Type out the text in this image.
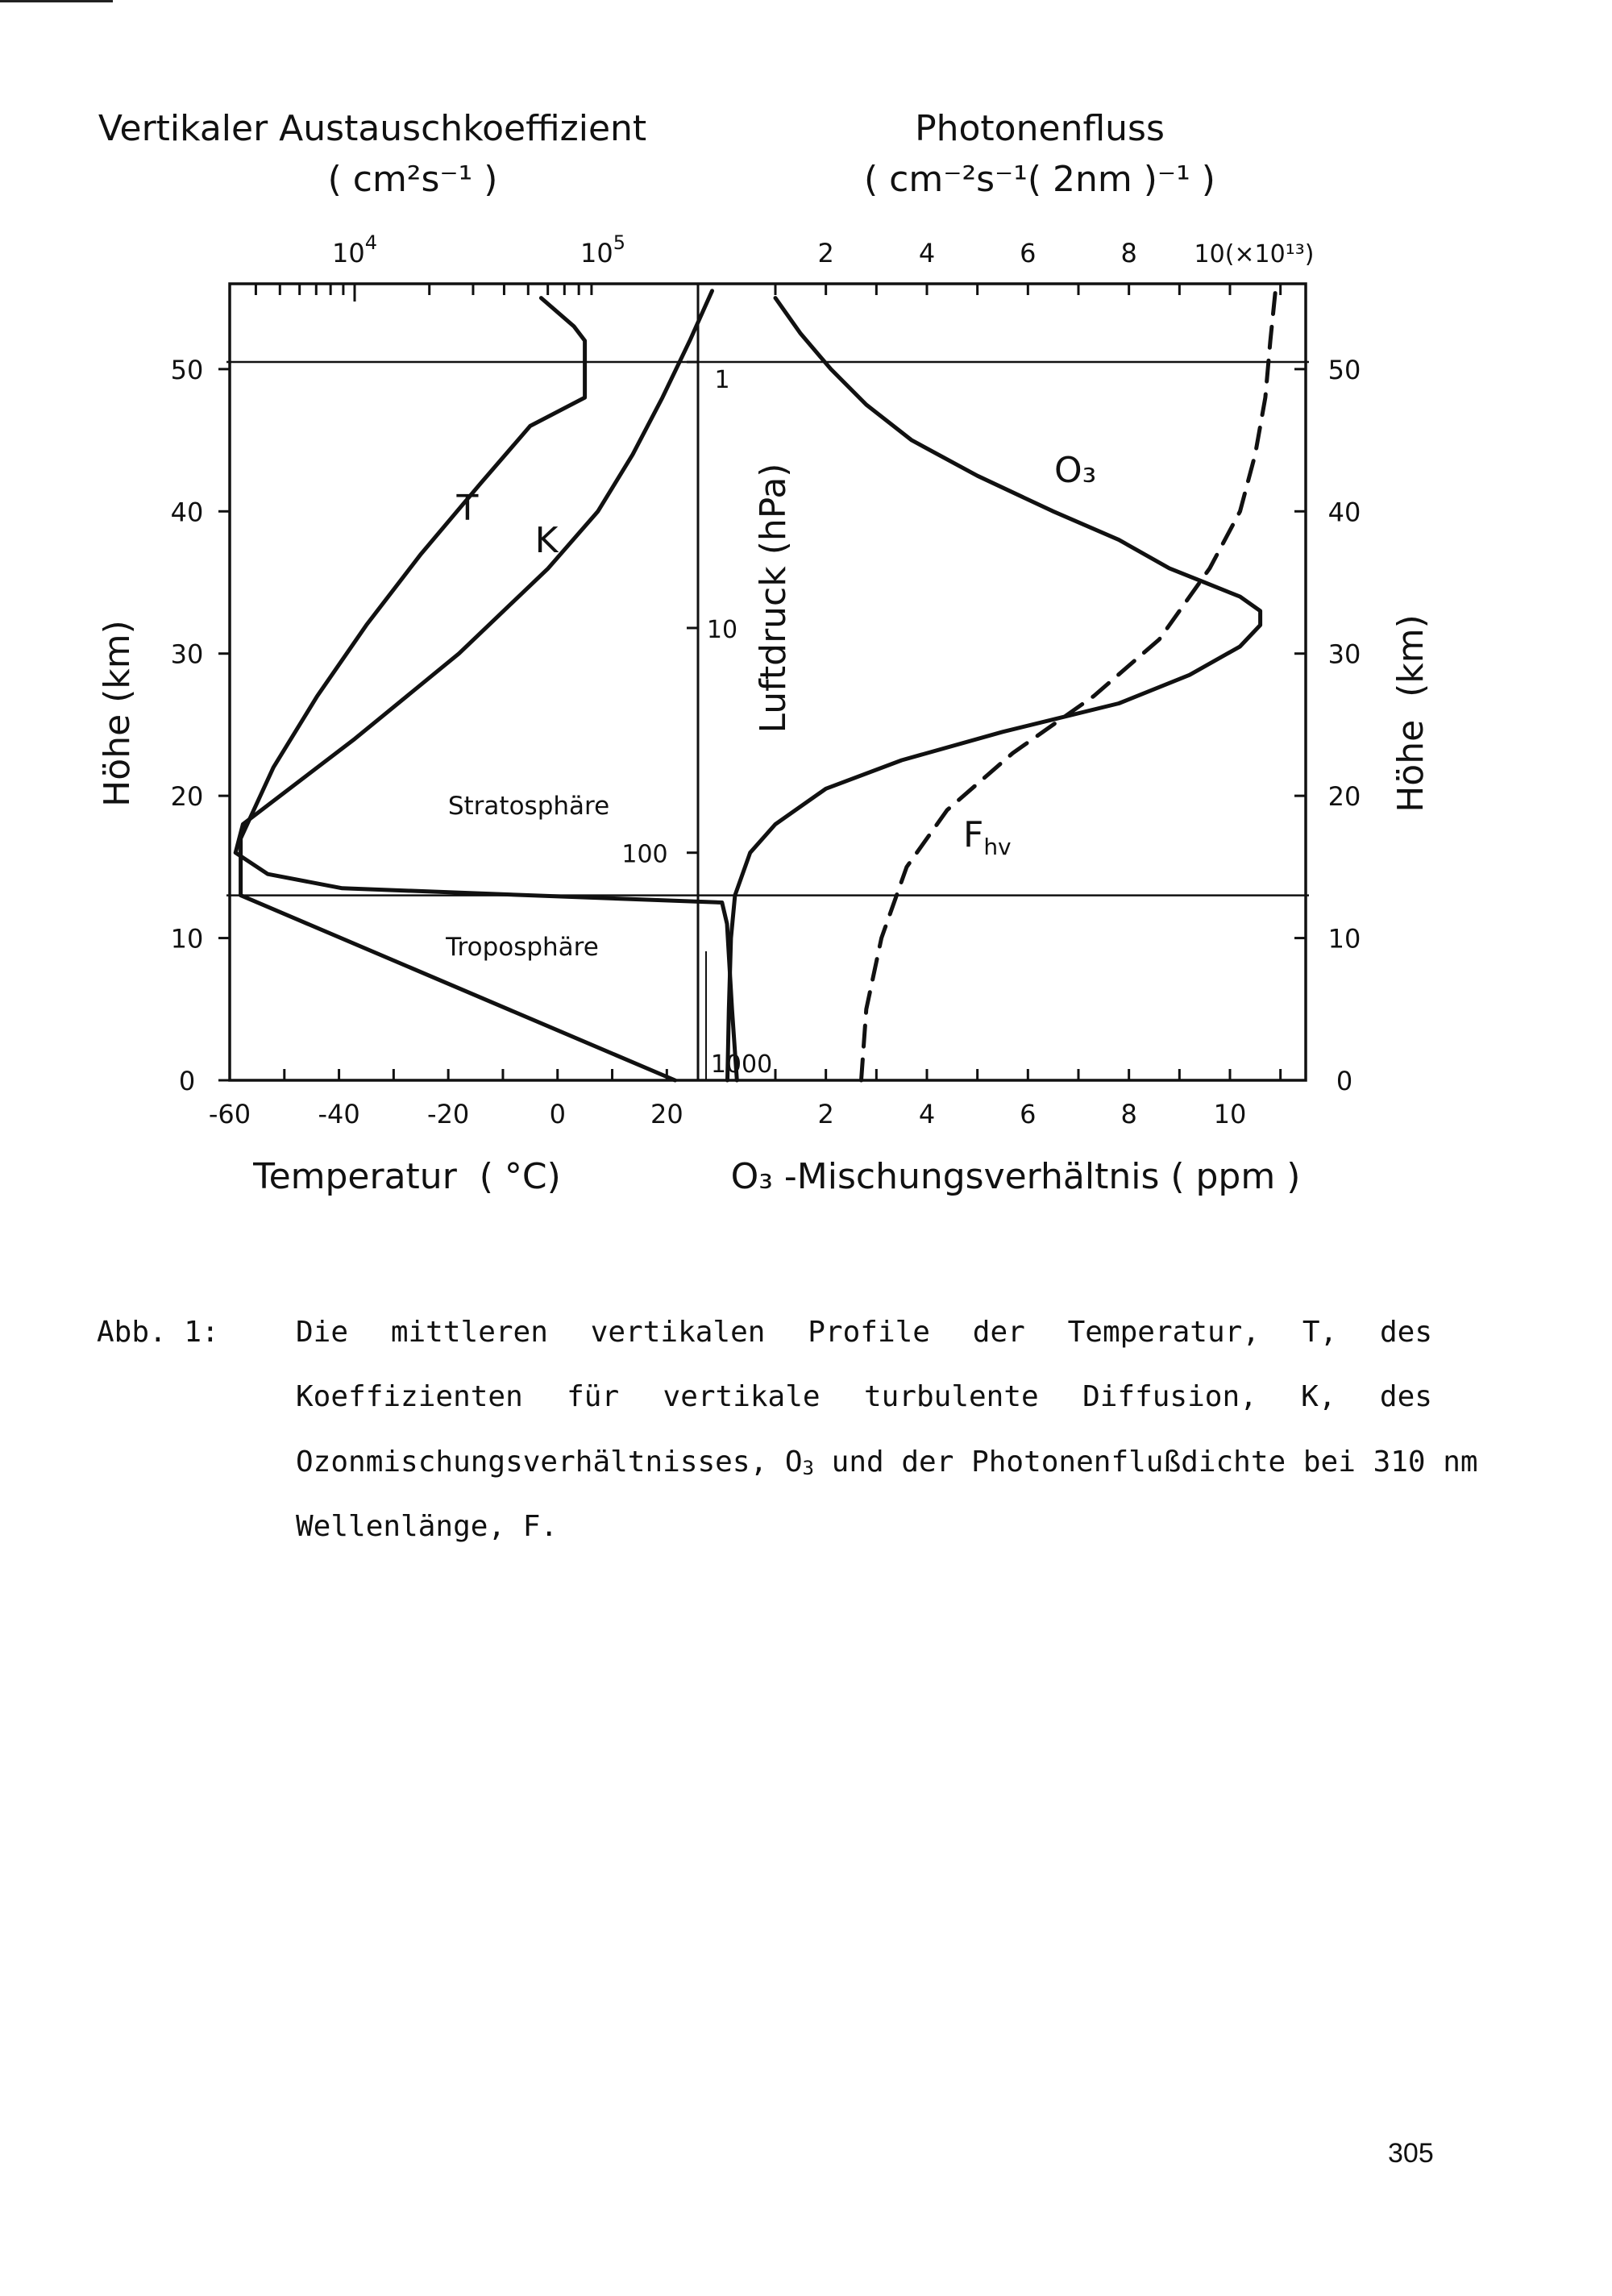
Vertikaler Austauschkoeffizient
( cm²s⁻¹ )
Photonenfluss
( cm⁻²s⁻¹( 2nm )⁻¹ )
Temperatur  ( °C)	O₃ -Mischungsverhältnis ( ppm )
Höhe (km)	Höhe  (km)
Luftdruck (hPa)
Stratosphäre
Troposphäre
T
K
O₃
$F_{hv}$
0
10
20
30
40
50
0
10
20
30
40
50
1
10
100
1000
-60	-40	-20	0	20
$10^4$	$10^5$
2	4	6	8	10
2	4	6	8 10(×10¹³)
Abb. 1:	Die mittleren vertikalen Profile der Temperatur, T, des
Koeffizienten für vertikale turbulente Diffusion, K, des
Ozonmischungsverhältnisses, O 3 und der Photonenflußdichte bei 310 nm
Wellenlänge, F.
305
